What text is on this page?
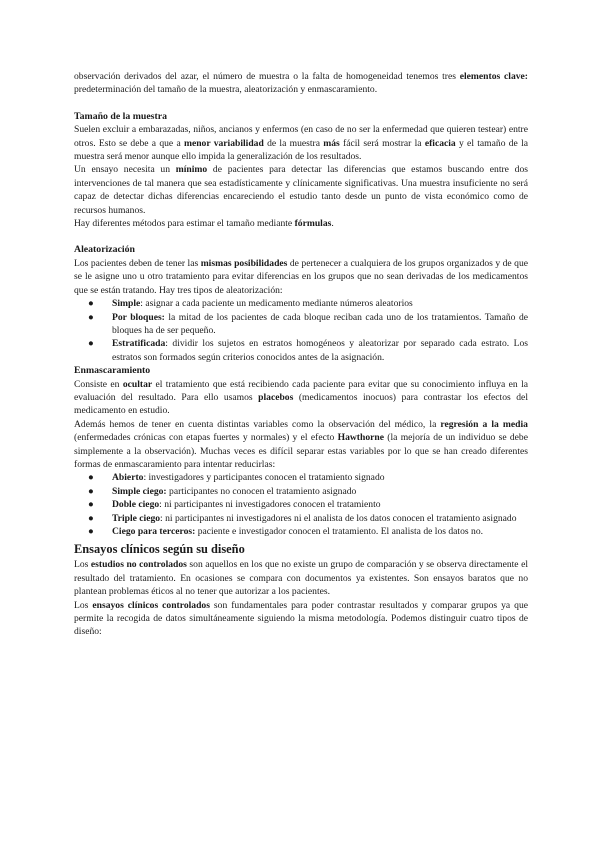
observación derivados del azar, el número de muestra o la falta de homogeneidad tenemos tres elementos clave: predeterminación del tamaño de la muestra, aleatorización y enmascaramiento.

Tamaño de la muestra

Suelen excluir a embarazadas, niños, ancianos y enfermos (en caso de no ser la enfermedad que quieren testear) entre otros. Esto se debe a que a menor variabilidad de la muestra más fácil será mostrar la eficacia y el tamaño de la muestra será menor aunque ello impida la generalización de los resultados.

Un ensayo necesita un mínimo de pacientes para detectar las diferencias que estamos buscando entre dos intervenciones de tal manera que sea estadísticamente y clínicamente significativas. Una muestra insuficiente no será capaz de detectar dichas diferencias encareciendo el estudio tanto desde un punto de vista económico como de recursos humanos.

Hay diferentes métodos para estimar el tamaño mediante fórmulas.

Aleatorización

Los pacientes deben de tener las mismas posibilidades de pertenecer a cualquiera de los grupos organizados y de que se le asigne uno u otro tratamiento para evitar diferencias en los grupos que no sean derivadas de los medicamentos que se están tratando. Hay tres tipos de aleatorización:

● Simple: asignar a cada paciente un medicamento mediante números aleatorios
● Por bloques: la mitad de los pacientes de cada bloque reciban cada uno de los tratamientos. Tamaño de bloques ha de ser pequeño.
● Estratificada: dividir los sujetos en estratos homogéneos y aleatorizar por separado cada estrato. Los estratos son formados según criterios conocidos antes de la asignación.
Enmascaramiento

Consiste en ocultar el tratamiento que está recibiendo cada paciente para evitar que su conocimiento influya en la evaluación del resultado. Para ello usamos placebos (medicamentos inocuos) para contrastar los efectos del medicamento en estudio.

Además hemos de tener en cuenta distintas variables como la observación del médico, la regresión a la media (enfermedades crónicas con etapas fuertes y normales) y el efecto Hawthorne (la mejoría de un individuo se debe simplemente a la observación). Muchas veces es difícil separar estas variables por lo que se han creado diferentes formas de enmascaramiento para intentar reducirlas:

● Abierto: investigadores y participantes conocen el tratamiento signado
● Simple ciego: participantes no conocen el tratamiento asignado
● Doble ciego: ni participantes ni investigadores conocen el tratamiento
● Triple ciego: ni participantes ni investigadores ni el analista de los datos conocen el tratamiento asignado
● Ciego para terceros: paciente e investigador conocen el tratamiento. El analista de los datos no.
Ensayos clínicos según su diseño

Los estudios no controlados son aquellos en los que no existe un grupo de comparación y se observa directamente el resultado del tratamiento. En ocasiones se compara con documentos ya existentes. Son ensayos baratos que no plantean problemas éticos al no tener que autorizar a los pacientes.

Los ensayos clínicos controlados son fundamentales para poder contrastar resultados y comparar grupos ya que permite la recogida de datos simultáneamente siguiendo la misma metodología. Podemos distinguir cuatro tipos de diseño:
